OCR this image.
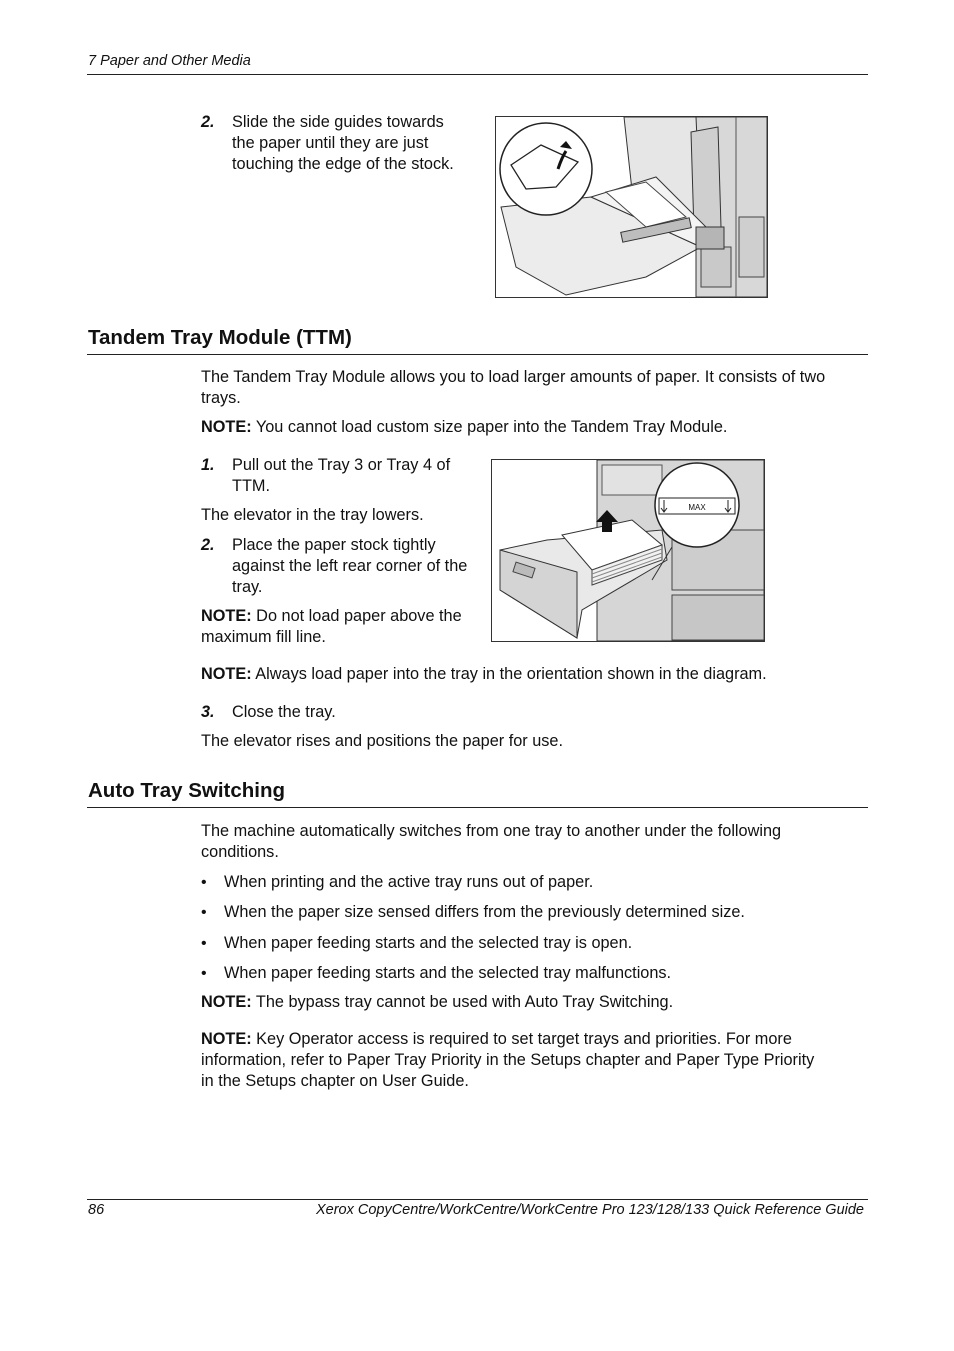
7 Paper and Other Media
2. Slide the side guides towards
the paper until they are just
touching the edge of the stock.
Tandem Tray Module (TTM)
The Tandem Tray Module allows you to load larger amounts of paper. It consists of two
trays.
NOTE: You cannot load custom size paper into the Tandem Tray Module.
1. Pull out the Tray 3 or Tray 4 of
TTM.
The elevator in the tray lowers.
2. Place the paper stock tightly
against the left rear corner of the
tray.
NOTE: Do not load paper above the
maximum fill line.
MAX
NOTE: Always load paper into the tray in the orientation shown in the diagram.
3. Close the tray.
The elevator rises and positions the paper for use.
Auto Tray Switching
The machine automatically switches from one tray to another under the following
conditions.
• When printing and the active tray runs out of paper.
• When the paper size sensed differs from the previously determined size.
• When paper feeding starts and the selected tray is open.
• When paper feeding starts and the selected tray malfunctions.
NOTE: The bypass tray cannot be used with Auto Tray Switching.
NOTE: Key Operator access is required to set target trays and priorities. For more
information, refer to Paper Tray Priority in the Setups chapter and Paper Type Priority
in the Setups chapter on User Guide.
86	Xerox CopyCentre/WorkCentre/WorkCentre Pro 123/128/133 Quick Reference Guide
